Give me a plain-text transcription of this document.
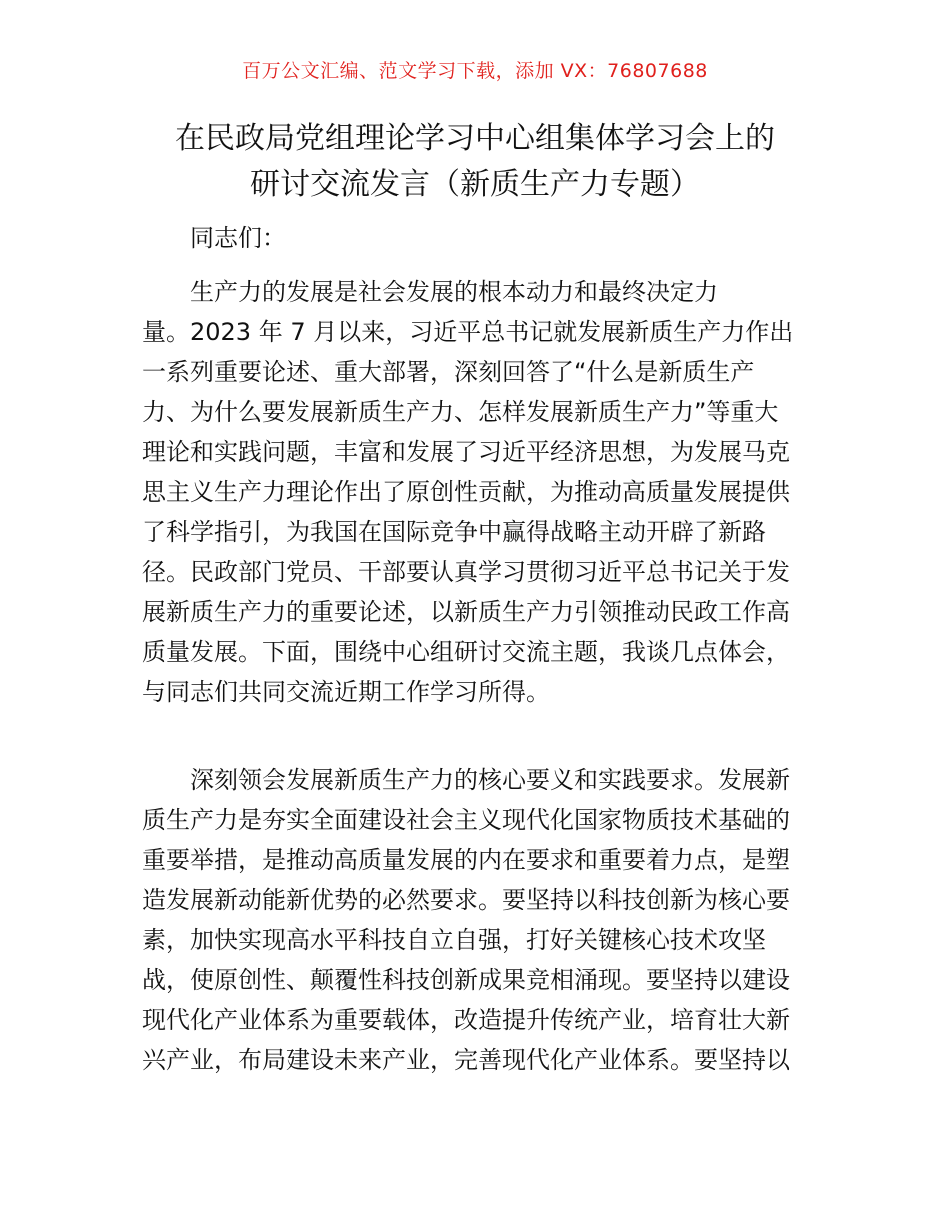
百万公文汇编、范文学习下载，添加 VX：76807688
在民政局党组理论学习中心组集体学习会上的
研讨交流发言（新质生产力专题）
同志们：
生产力的发展是社会发展的根本动力和最终决定力
量。2023 年 7 月以来，习近平总书记就发展新质生产力作出
一系列重要论述、重大部署，深刻回答了“什么是新质生产
力、为什么要发展新质生产力、怎样发展新质生产力”等重大
理论和实践问题，丰富和发展了习近平经济思想，为发展马克
思主义生产力理论作出了原创性贡献，为推动高质量发展提供
了科学指引，为我国在国际竞争中赢得战略主动开辟了新路
径。民政部门党员、干部要认真学习贯彻习近平总书记关于发
展新质生产力的重要论述，以新质生产力引领推动民政工作高
质量发展。下面，围绕中心组研讨交流主题，我谈几点体会，
与同志们共同交流近期工作学习所得。
深刻领会发展新质生产力的核心要义和实践要求。发展新
质生产力是夯实全面建设社会主义现代化国家物质技术基础的
重要举措，是推动高质量发展的内在要求和重要着力点，是塑
造发展新动能新优势的必然要求。要坚持以科技创新为核心要
素，加快实现高水平科技自立自强，打好关键核心技术攻坚
战，使原创性、颠覆性科技创新成果竞相涌现。要坚持以建设
现代化产业体系为重要载体，改造提升传统产业，培育壮大新
兴产业，布局建设未来产业，完善现代化产业体系。要坚持以
